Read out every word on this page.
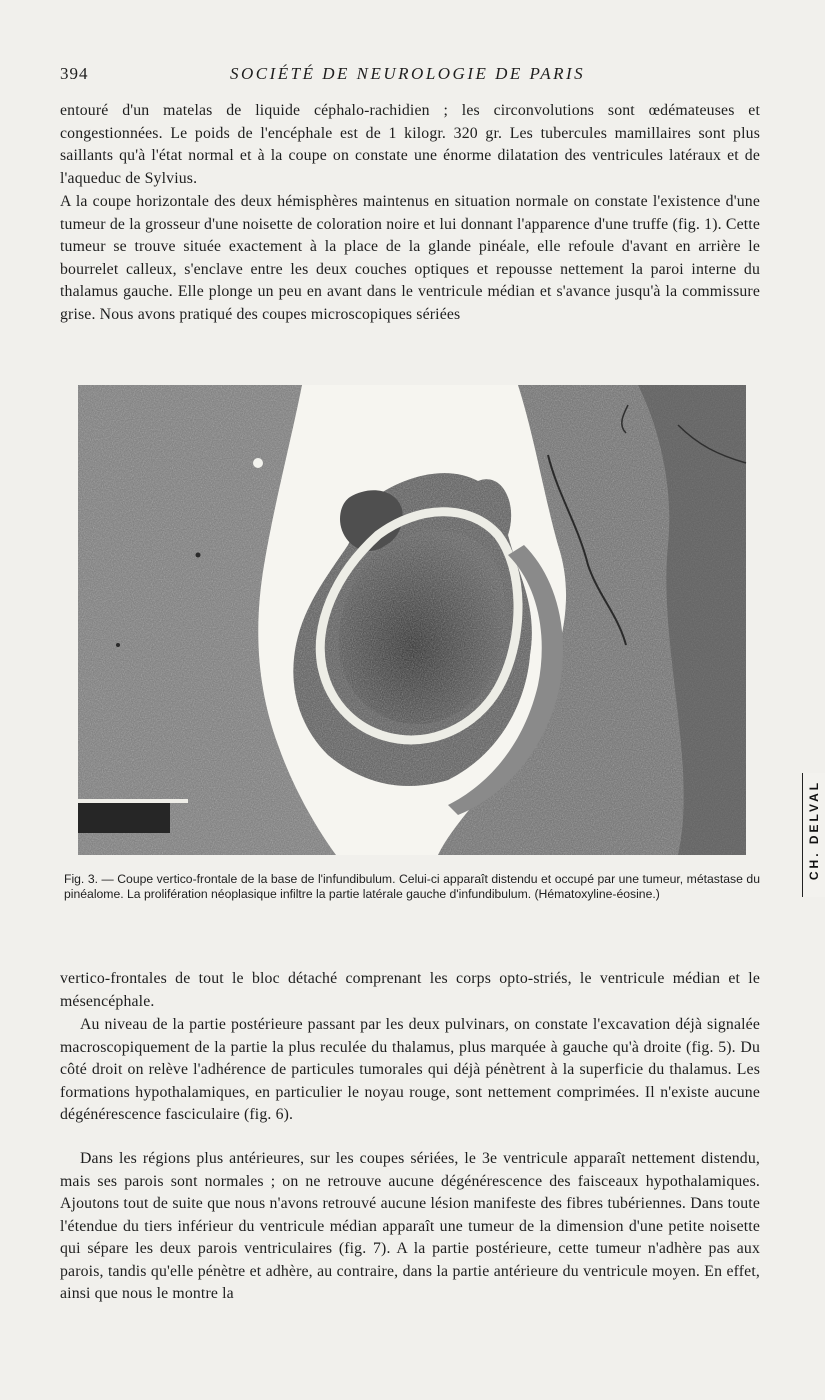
394	SOCIÉTÉ DE NEUROLOGIE DE PARIS

entouré d'un matelas de liquide céphalo-rachidien ; les circonvolutions sont œdémateuses et congestionnées. Le poids de l'encéphale est de 1 kilogr. 320 gr. Les tubercules mamillaires sont plus saillants qu'à l'état normal et à la coupe on constate une énorme dilatation des ventricules latéraux et de l'aqueduc de Sylvius.

A la coupe horizontale des deux hémisphères maintenus en situation normale on constate l'existence d'une tumeur de la grosseur d'une noisette de coloration noire et lui donnant l'apparence d'une truffe (fig. 1). Cette tumeur se trouve située exactement à la place de la glande pinéale, elle refoule d'avant en arrière le bourrelet calleux, s'enclave entre les deux couches optiques et repousse nettement la paroi interne du thalamus gauche. Elle plonge un peu en avant dans le ventricule médian et s'avance jusqu'à la commissure grise. Nous avons pratiqué des coupes microscopiques sériées

CH. DELVAL

Fig. 3. — Coupe vertico-frontale de la base de l'infundibulum. Celui-ci apparaît distendu et occupé par une tumeur, métastase du pinéalome. La prolifération néoplasique infiltre la partie latérale gauche d'infundibulum. (Hématoxyline-éosine.)

vertico-frontales de tout le bloc détaché comprenant les corps opto-striés, le ventricule médian et le mésencéphale.

Au niveau de la partie postérieure passant par les deux pulvinars, on constate l'excavation déjà signalée macroscopiquement de la partie la plus reculée du thalamus, plus marquée à gauche qu'à droite (fig. 5). Du côté droit on relève l'adhérence de particules tumorales qui déjà pénètrent à la superficie du thalamus. Les formations hypothalamiques, en particulier le noyau rouge, sont nettement comprimées. Il n'existe aucune dégénérescence fasciculaire (fig. 6).

Dans les régions plus antérieures, sur les coupes sériées, le 3e ventricule apparaît nettement distendu, mais ses parois sont normales ; on ne retrouve aucune dégénérescence des faisceaux hypothalamiques. Ajoutons tout de suite que nous n'avons retrouvé aucune lésion manifeste des fibres tubériennes. Dans toute l'étendue du tiers inférieur du ventricule médian apparaît une tumeur de la dimension d'une petite noisette qui sépare les deux parois ventriculaires (fig. 7). A la partie postérieure, cette tumeur n'adhère pas aux parois, tandis qu'elle pénètre et adhère, au contraire, dans la partie antérieure du ventricule moyen. En effet, ainsi que nous le montre la
